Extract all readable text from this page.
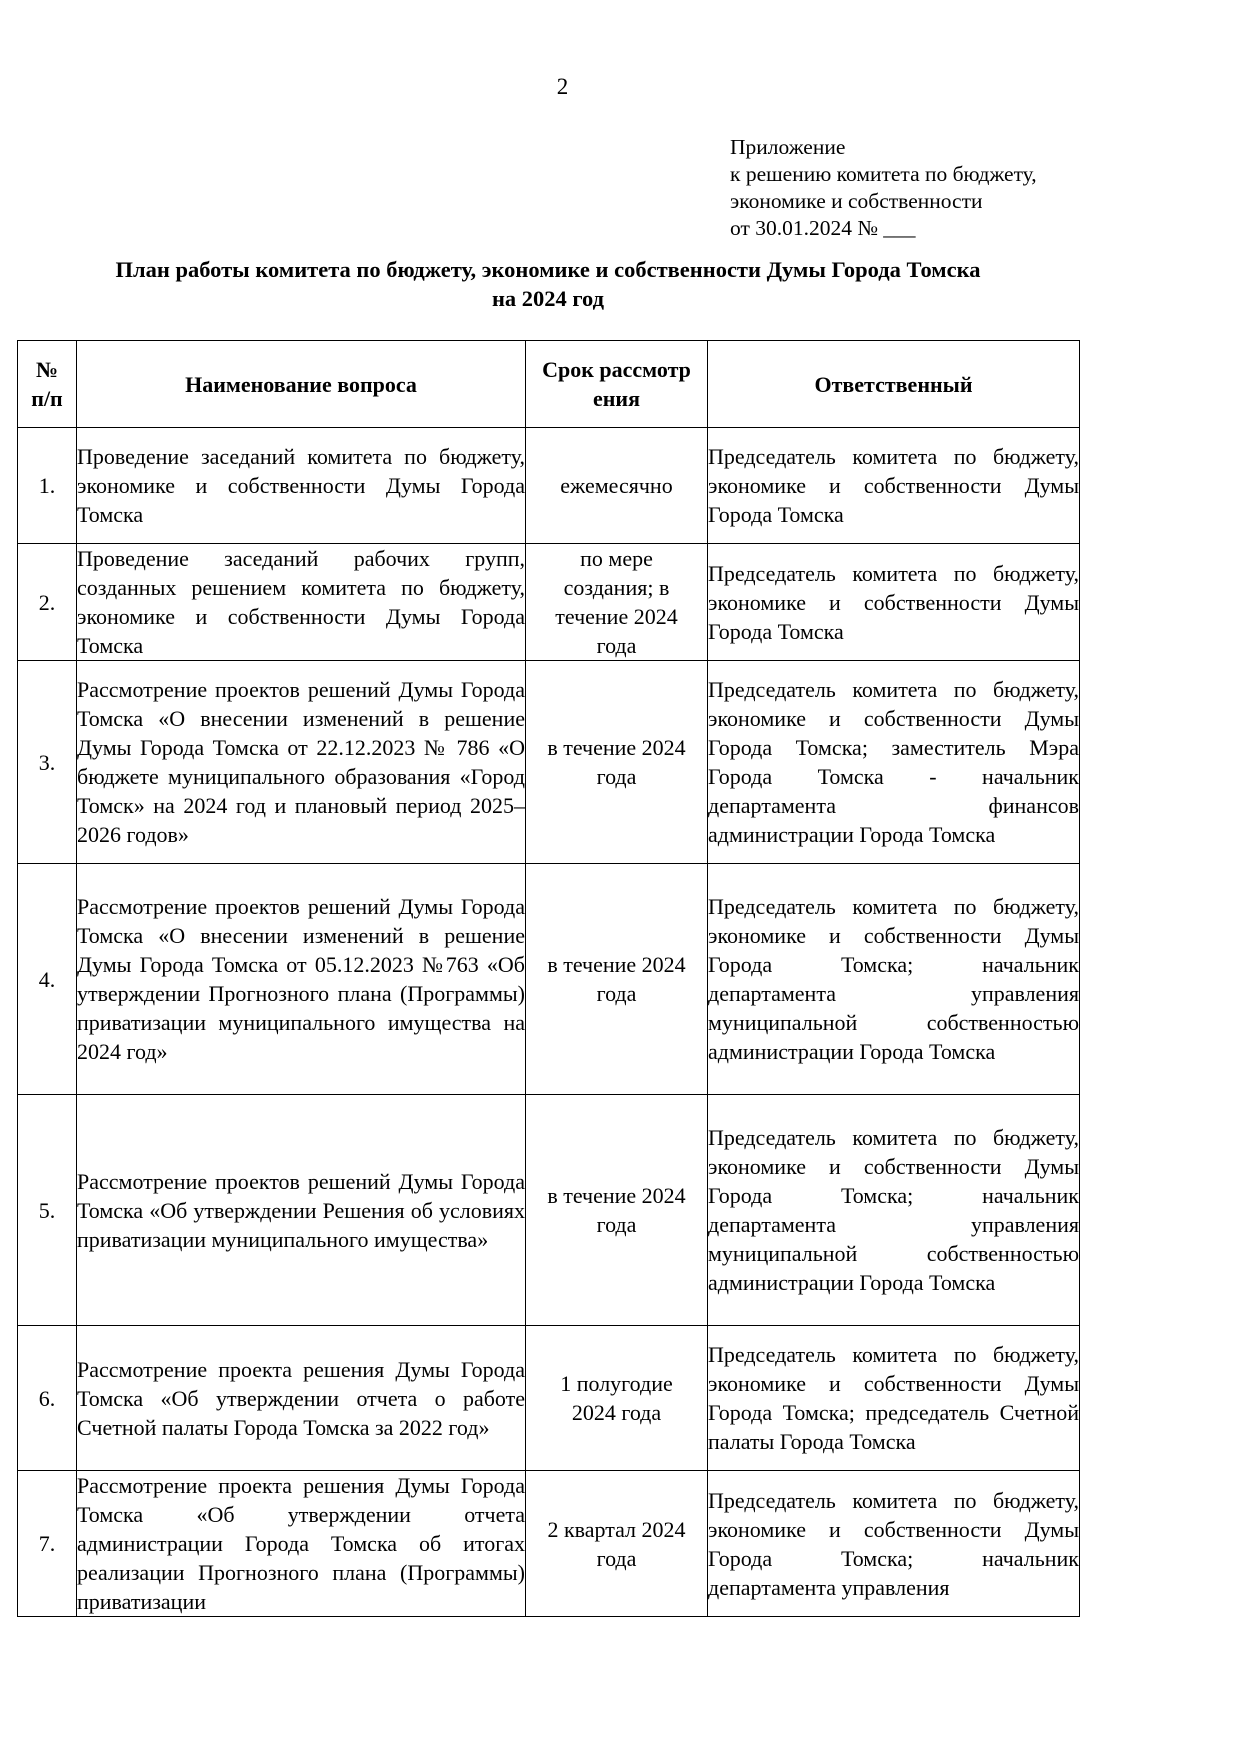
2
Приложение
к решению комитета по бюджету,
экономике и собственности
от 30.01.2024 № ___
План работы комитета по бюджету, экономике и собственности Думы Города Томска
на 2024 год
№ п/п	Наименование вопроса	Срок рассмотрения	Ответственный
1.	Проведение заседаний комитета по бюджету, экономике и собственности Думы Города Томска	ежемесячно	Председатель комитета по бюджету, экономике и собственности Думы Города Томска
2.	Проведение заседаний рабочих групп, созданных решением комитета по бюджету, экономике и собственности Думы Города Томска	по мере создания; в течение 2024 года	Председатель комитета по бюджету, экономике и собственности Думы Города Томска
3.	Рассмотрение проектов решений Думы Города Томска «О внесении изменений в решение Думы Города Томска от 22.12.2023 № 786 «О бюджете муниципального образования «Город Томск» на 2024 год и плановый период 2025–2026 годов»	в течение 2024 года	Председатель комитета по бюджету, экономике и собственности Думы Города Томска; заместитель Мэра Города Томска - начальник департамента финансов администрации Города Томска
4.	Рассмотрение проектов решений Думы Города Томска «О внесении изменений в решение Думы Города Томска от 05.12.2023 №763 «Об утверждении Прогнозного плана (Программы) приватизации муниципального имущества на 2024 год»	в течение 2024 года	Председатель комитета по бюджету, экономике и собственности Думы Города Томска; начальник департамента управления муниципальной собственностью администрации Города Томска
5.	Рассмотрение проектов решений Думы Города Томска «Об утверждении Решения об условиях приватизации муниципального имущества»	в течение 2024 года	Председатель комитета по бюджету, экономике и собственности Думы Города Томска; начальник департамента управления муниципальной собственностью администрации Города Томска
6.	Рассмотрение проекта решения Думы Города Томска «Об утверждении отчета о работе Счетной палаты Города Томска за 2022 год»	1 полугодие 2024 года	Председатель комитета по бюджету, экономике и собственности Думы Города Томска; председатель Счетной палаты Города Томска
7.	Рассмотрение проекта решения Думы Города Томска «Об утверждении отчета администрации Города Томска об итогах реализации Прогнозного плана (Программы) приватизации	2 квартал 2024 года	Председатель комитета по бюджету, экономике и собственности Думы Города Томска; начальник департамента управления
